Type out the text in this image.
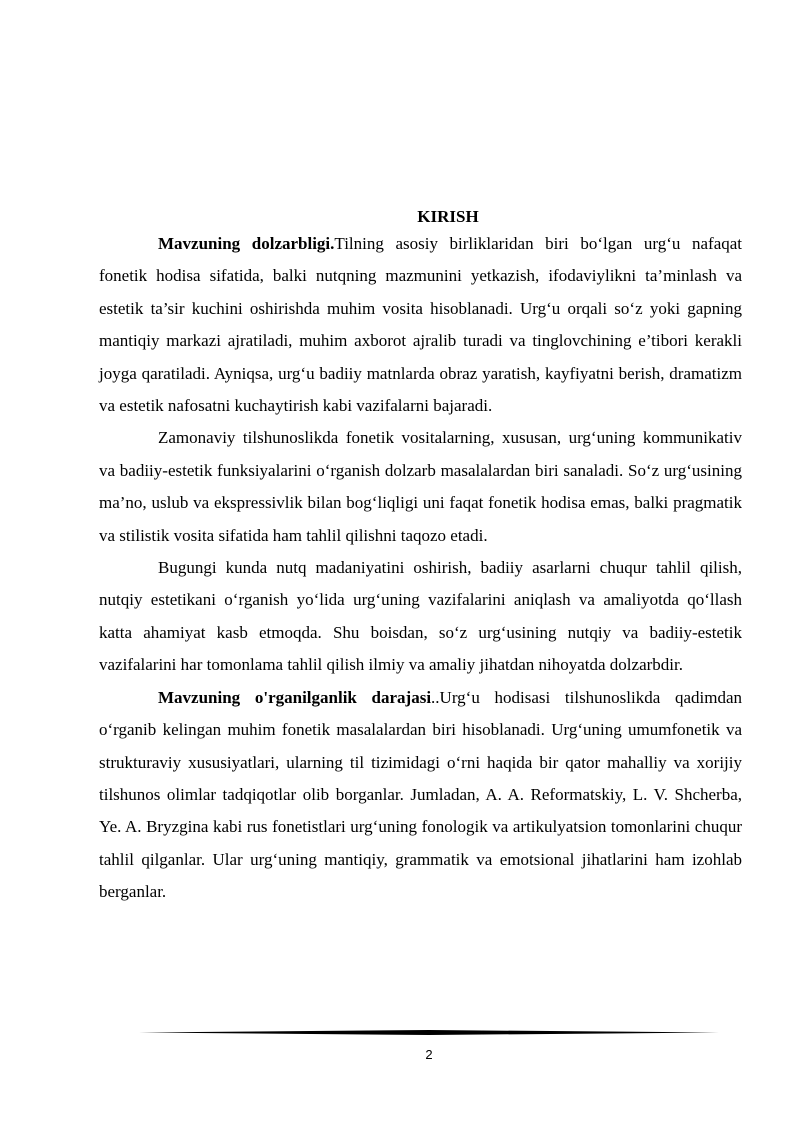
KIRISH

Mavzuning dolzarbligi.Tilning asosiy birliklaridan biri bo‘lgan urg‘u nafaqat fonetik hodisa sifatida, balki nutqning mazmunini yetkazish, ifodaviylikni ta’minlash va estetik ta’sir kuchini oshirishda muhim vosita hisoblanadi. Urg‘u orqali so‘z yoki gapning mantiqiy markazi ajratiladi, muhim axborot ajralib turadi va tinglovchining e’tibori kerakli joyga qaratiladi. Ayniqsa, urg‘u badiiy matnlarda obraz yaratish, kayfiyatni berish, dramatizm va estetik nafosatni kuchaytirish kabi vazifalarni bajaradi.

Zamonaviy tilshunoslikda fonetik vositalarning, xususan, urg‘uning kommunikativ va badiiy-estetik funksiyalarini o‘rganish dolzarb masalalardan biri sanaladi. So‘z urg‘usining ma’no, uslub va ekspressivlik bilan bog‘liqligi uni faqat fonetik hodisa emas, balki pragmatik va stilistik vosita sifatida ham tahlil qilishni taqozo etadi.

Bugungi kunda nutq madaniyatini oshirish, badiiy asarlarni chuqur tahlil qilish, nutqiy estetikani o‘rganish yo‘lida urg‘uning vazifalarini aniqlash va amaliyotda qo‘llash katta ahamiyat kasb etmoqda. Shu boisdan, so‘z urg‘usining nutqiy va badiiy-estetik vazifalarini har tomonlama tahlil qilish ilmiy va amaliy jihatdan nihoyatda dolzarbdir.

Mavzuning o'rganilganlik darajasi..Urg‘u hodisasi tilshunoslikda qadimdan o‘rganib kelingan muhim fonetik masalalardan biri hisoblanadi. Urg‘uning umumfonetik va strukturaviy xususiyatlari, ularning til tizimidagi o‘rni haqida bir qator mahalliy va xorijiy tilshunos olimlar tadqiqotlar olib borganlar. Jumladan, A. A. Reformatskiy, L. V. Shcherba, Ye. A. Bryzgina kabi rus fonetistlari urg‘uning fonologik va artikulyatsion tomonlarini chuqur tahlil qilganlar. Ular urg‘uning mantiqiy, grammatik va emotsional jihatlarini ham izohlab berganlar.

2
